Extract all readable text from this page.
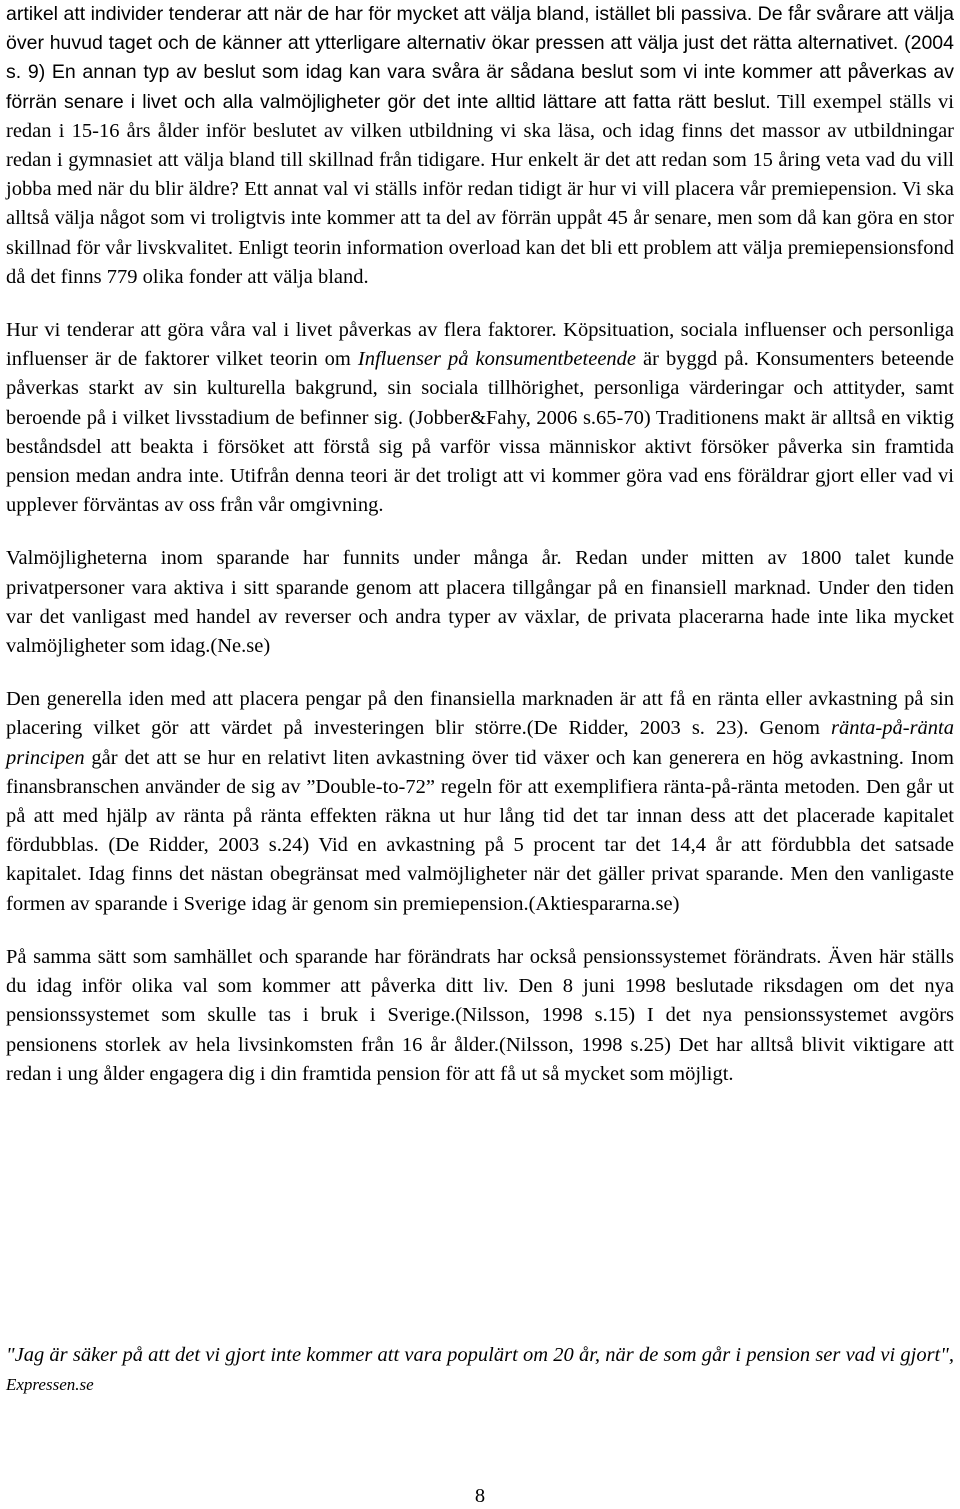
artikel att individer tenderar att när de har för mycket att välja bland, istället bli passiva. De får svårare att välja över huvud taget och de känner att ytterligare alternativ ökar pressen att välja just det rätta alternativet. (2004 s. 9) En annan typ av beslut som idag kan vara svåra är sådana beslut som vi inte kommer att påverkas av förrän senare i livet och alla valmöjligheter gör det inte alltid lättare att fatta rätt beslut. Till exempel ställs vi redan i 15-16 års ålder inför beslutet av vilken utbildning vi ska läsa, och idag finns det massor av utbildningar redan i gymnasiet att välja bland till skillnad från tidigare. Hur enkelt är det att redan som 15 åring veta vad du vill jobba med när du blir äldre? Ett annat val vi ställs inför redan tidigt är hur vi vill placera vår premiepension. Vi ska alltså välja något som vi troligtvis inte kommer att ta del av förrän uppåt 45 år senare, men som då kan göra en stor skillnad för vår livskvalitet. Enligt teorin information overload kan det bli ett problem att välja premiepensionsfond då det finns 779 olika fonder att välja bland.

Hur vi tenderar att göra våra val i livet påverkas av flera faktorer. Köpsituation, sociala influenser och personliga influenser är de faktorer vilket teorin om Influenser på konsumentbeteende är byggd på. Konsumenters beteende påverkas starkt av sin kulturella bakgrund, sin sociala tillhörighet, personliga värderingar och attityder, samt beroende på i vilket livsstadium de befinner sig. (Jobber&Fahy, 2006 s.65-70) Traditionens makt är alltså en viktig beståndsdel att beakta i försöket att förstå sig på varför vissa människor aktivt försöker påverka sin framtida pension medan andra inte. Utifrån denna teori är det troligt att vi kommer göra vad ens föräldrar gjort eller vad vi upplever förväntas av oss från vår omgivning.

Valmöjligheterna inom sparande har funnits under många år. Redan under mitten av 1800 talet kunde privatpersoner vara aktiva i sitt sparande genom att placera tillgångar på en finansiell marknad. Under den tiden var det vanligast med handel av reverser och andra typer av växlar, de privata placerarna hade inte lika mycket valmöjligheter som idag.(Ne.se)

Den generella iden med att placera pengar på den finansiella marknaden är att få en ränta eller avkastning på sin placering vilket gör att värdet på investeringen blir större.(De Ridder, 2003 s. 23). Genom ränta-på-ränta principen går det att se hur en relativt liten avkastning över tid växer och kan generera en hög avkastning. Inom finansbranschen använder de sig av ”Double-to-72” regeln för att exemplifiera ränta-på-ränta metoden. Den går ut på att med hjälp av ränta på ränta effekten räkna ut hur lång tid det tar innan dess att det placerade kapitalet fördubblas. (De Ridder, 2003 s.24) Vid en avkastning på 5 procent tar det 14,4 år att fördubbla det satsade kapitalet. Idag finns det nästan obegränsat med valmöjligheter när det gäller privat sparande. Men den vanligaste formen av sparande i Sverige idag är genom sin premiepension.(Aktiespararna.se)

På samma sätt som samhället och sparande har förändrats har också pensionssystemet förändrats. Även här ställs du idag inför olika val som kommer att påverka ditt liv. Den 8 juni 1998 beslutade riksdagen om det nya pensionssystemet som skulle tas i bruk i Sverige.(Nilsson, 1998 s.15) I det nya pensionssystemet avgörs pensionens storlek av hela livsinkomsten från 16 år ålder.(Nilsson, 1998 s.25) Det har alltså blivit viktigare att redan i ung ålder engagera dig i din framtida pension för att få ut så mycket som möjligt.

"Jag är säker på att det vi gjort inte kommer att vara populärt om 20 år, när de som går i pension ser vad vi gjort", Expressen.se

8
